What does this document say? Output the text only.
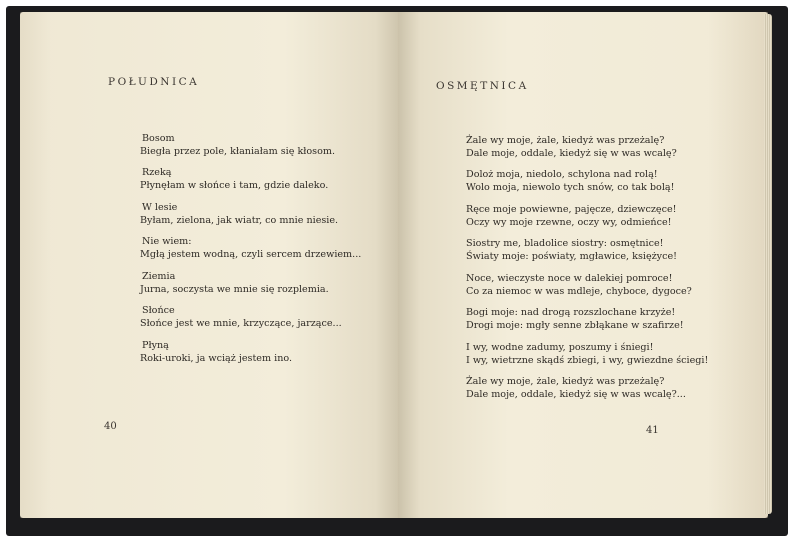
POŁUDNICA
Bosom
Biegła przez pole, kłaniałam się kłosom.
Rzeką
Płynęłam w słońce i tam, gdzie daleko.
W lesie
Byłam, zielona, jak wiatr, co mnie niesie.
Nie wiem:
Mgłą jestem wodną, czyli sercem drzewiem...
Ziemia
Jurna, soczysta we mnie się rozplemia.
Słońce
Słońce jest we mnie, krzyczące, jarzące...
Płyną
Roki-uroki, ja wciąż jestem ino.
40
OSMĘTNICA
Żale wy moje, żale, kiedyż was przeżalę?
Dale moje, oddale, kiedyż się w was wcalę?
Doloż moja, niedolo, schylona nad rolą!
Wolo moja, niewolo tych snów, co tak bolą!
Ręce moje powiewne, pajęcze, dziewczęce!
Oczy wy moje rzewne, oczy wy, odmieńce!
Siostry me, bladolice siostry: osmętnice!
Światy moje: poświaty, mgławice, księżyce!
Noce, wieczyste noce w dalekiej pomroce!
Co za niemoc w was mdleje, chyboce, dygoce?
Bogi moje: nad drogą rozszlochane krzyże!
Drogi moje: mgły senne zbłąkane w szafirze!
I wy, wodne zadumy, poszumy i śniegi!
I wy, wietrzne skądś zbiegi, i wy, gwiezdne ściegi!
Żale wy moje, żale, kiedyż was przeżalę?
Dale moje, oddale, kiedyż się w was wcalę?...
41
